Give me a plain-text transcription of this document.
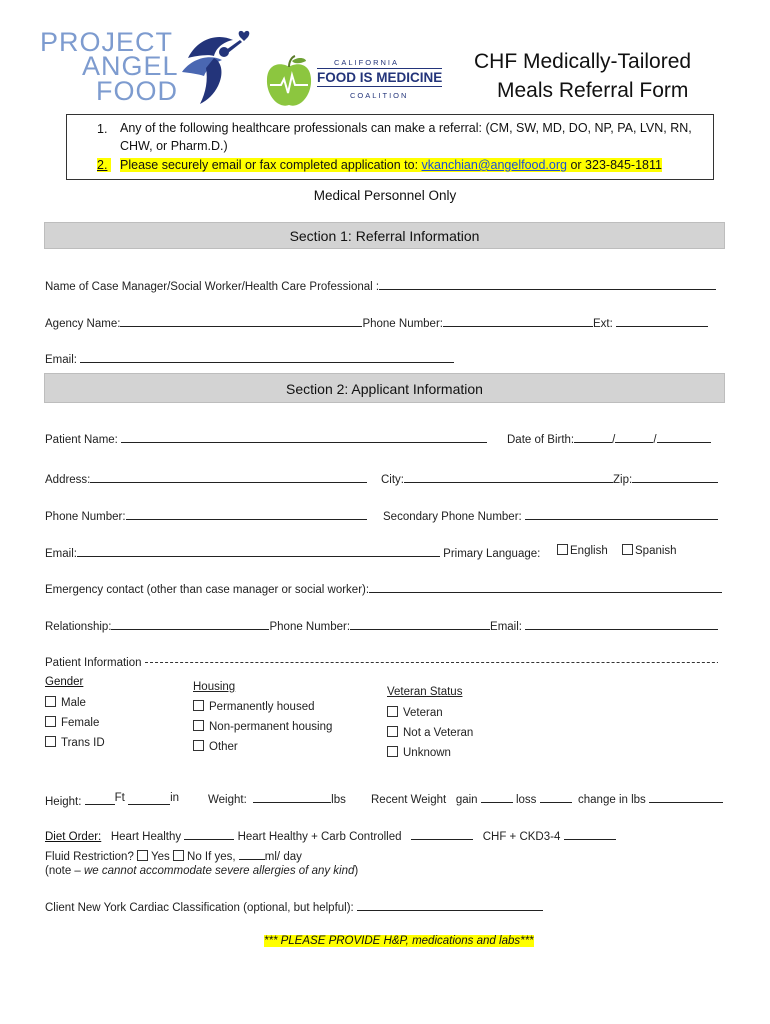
PROJECT
ANGEL
FOOD
CALIFORNIA
FOOD IS MEDICINE
COALITION
CHF Medically-Tailored
Meals Referral Form
1. Any of the following healthcare professionals can make a referral: (CM, SW, MD, DO, NP, PA, LVN, RN,
CHW, or Pharm.D.)
2.	Please securely email or fax completed application to: vkanchian@angelfood.org or 323-845-1811
Medical Personnel Only
Section 1: Referral Information
Name of Case Manager/Social Worker/Health Care Professional :
Agency Name:	Phone Number:	Ext:
Email:
Section 2: Applicant Information
Patient Name:	Date of Birth:	/	/
Address:	City:	Zip:
Phone Number:	Secondary Phone Number:
Email:	Primary Language:	English	Spanish
Emergency contact (other than case manager or social worker):
Relationship:	Phone Number:	Email:
Patient Information
Gender
Male
Female
Trans ID
Housing
Permanently housed
Non-permanent housing
Other
Veteran Status
Veteran
Not a Veteran
Unknown
Height:	Ft	in	Weight:	lbs Recent Weight gain	loss	change in lbs
Diet Order: Heart Healthy	Heart Healthy + Carb Controlled	CHF + CKD3-4
Fluid Restriction? Yes No If yes,	ml/ day
(note – we cannot accommodate severe allergies of any kind)
Client New York Cardiac Classification (optional, but helpful):
*** PLEASE PROVIDE H&P, medications and labs***
